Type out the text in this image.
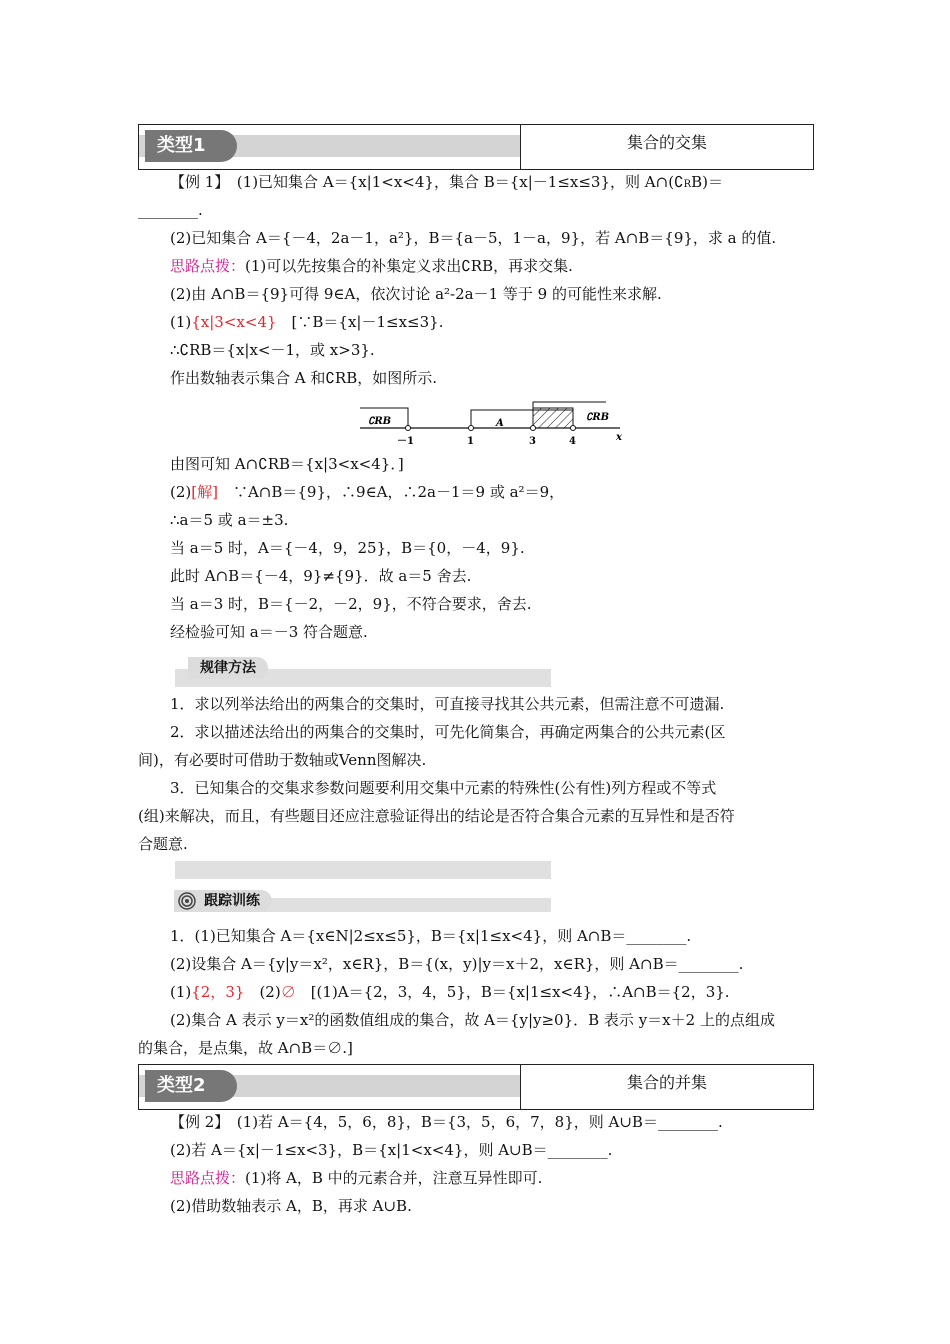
类型1	集合的交集
【例 1】　(1)已知集合 A＝{x|1<x<4}，集合 B＝{x|－1≤x≤3}，则 A∩(∁RB)＝
________.
(2)已知集合 A＝{－4，2a－1，a²}，B＝{a－5，1－a，9}，若 A∩B＝{9}，求 a 的值.
思路点拨：(1)可以先按集合的补集定义求出∁RB，再求交集.
(2)由 A∩B＝{9}可得 9∈A，依次讨论 a²-2a－1 等于 9 的可能性来求解.
(1){x|3<x<4}　[∵B＝{x|－1≤x≤3}.
∴∁RB＝{x|x<－1，或 x>3}.
作出数轴表示集合 A 和∁RB，如图所示.
∁RB	A
∁RB
－1	1	3	4	x
由图可知 A∩∁RB＝{x|3<x<4}．]
(2)[解]　∵A∩B＝{9}，∴9∈A，∴2a－1＝9 或 a²＝9，
∴a＝5 或 a＝±3.
当 a＝5 时，A＝{－4，9，25}，B＝{0，－4，9}.
此时 A∩B＝{－4，9}≠{9}．故 a＝5 舍去.
当 a＝3 时，B＝{－2，－2，9}，不符合要求，舍去.
经检验可知 a＝－3 符合题意.
规律方法
1．求以列举法给出的两集合的交集时，可直接寻找其公共元素，但需注意不可遗漏.
2．求以描述法给出的两集合的交集时，可先化简集合，再确定两集合的公共元素(区
间)，有必要时可借助于数轴或Venn图解决.
3．已知集合的交集求参数问题要利用交集中元素的特殊性(公有性)列方程或不等式
(组)来解决，而且，有些题目还应注意验证得出的结论是否符合集合元素的互异性和是否符
合题意.
跟踪训练
1．(1)已知集合 A＝{x∈N|2≤x≤5}，B＝{x|1≤x<4}，则 A∩B＝________.
(2)设集合 A＝{y|y＝x²，x∈R}，B＝{(x，y)|y＝x＋2，x∈R}，则 A∩B＝________.
(1){2，3}　(2)∅　[(1)A＝{2，3，4，5}，B＝{x|1≤x<4}，∴A∩B＝{2，3}.
(2)集合 A 表示 y＝x²的函数值组成的集合，故 A＝{y|y≥0}．B 表示 y＝x＋2 上的点组成
的集合，是点集，故 A∩B＝∅.]
类型2	集合的并集
【例 2】　(1)若 A＝{4，5，6，8}，B＝{3，5，6，7，8}，则 A∪B＝________.
(2)若 A＝{x|－1≤x<3}，B＝{x|1<x<4}，则 A∪B＝________.
思路点拨：(1)将 A，B 中的元素合并，注意互异性即可.
(2)借助数轴表示 A，B，再求 A∪B.
